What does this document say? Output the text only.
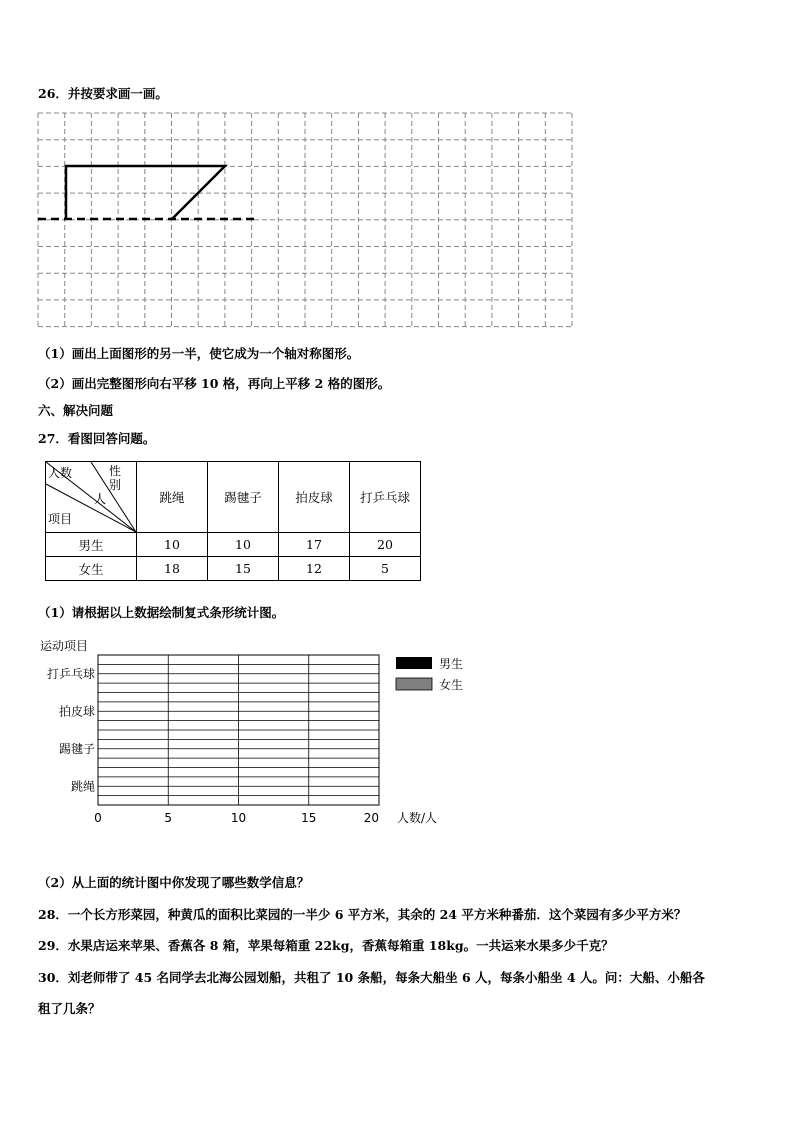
26．并按要求画一画。
（1）画出上面图形的另一半，使它成为一个轴对称图形。
（2）画出完整图形向右平移 10 格，再向上平移 2 格的图形。
六、解决问题
27．看图回答问题。
人数
人
性别
项目	跳绳	踢毽子	拍皮球	打乒乓球
男生	10	10	17	20
女生	18	15	12	5
（1）请根据以上数据绘制复式条形统计图。
运动项目
跳绳
踢毽子
拍皮球
打乒乓球
0	5	10	15	20 人数/人
男生
女生
（2）从上面的统计图中你发现了哪些数学信息？
28．一个长方形菜园，种黄瓜的面积比菜园的一半少 6 平方米，其余的 24 平方米种番茄．这个菜园有多少平方米？
29．水果店运来苹果、香蕉各 8 箱，苹果每箱重 22kg，香蕉每箱重 18kg。一共运来水果多少千克？
30．刘老师带了 45 名同学去北海公园划船，共租了 10 条船，每条大船坐 6 人，每条小船坐 4 人。问：大船、小船各
租了几条？
